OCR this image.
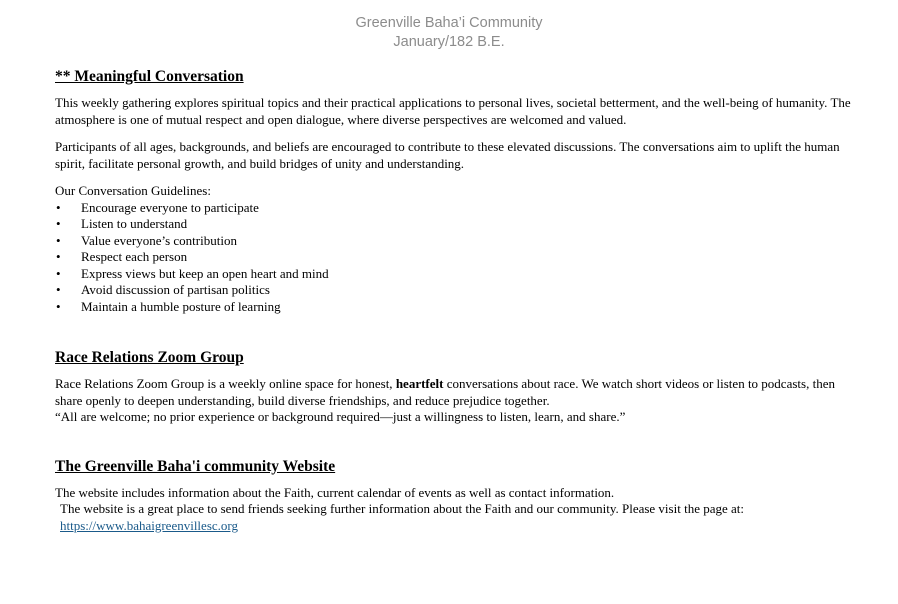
Greenville Baha’i Community
January/182 B.E.
** Meaningful Conversation

This weekly gathering explores spiritual topics and their practical applications to personal lives, societal betterment, and the well-being of humanity. The atmosphere is one of mutual respect and open dialogue, where diverse perspectives are welcomed and valued.

Participants of all ages, backgrounds, and beliefs are encouraged to contribute to these elevated discussions. The conversations aim to uplift the human spirit, facilitate personal growth, and build bridges of unity and understanding.

Our Conversation Guidelines:

• Encourage everyone to participate
• Listen to understand
• Value everyone’s contribution
• Respect each person
• Express views but keep an open heart and mind
• Avoid discussion of partisan politics
• Maintain a humble posture of learning
Race Relations Zoom Group

Race Relations Zoom Group is a weekly online space for honest, heartfelt conversations about race. We watch short videos or listen to podcasts, then share openly to deepen understanding, build diverse friendships, and reduce prejudice together.

“All are welcome; no prior experience or background required—just a willingness to listen, learn, and share.”

The Greenville Baha'i community Website

The website includes information about the Faith, current calendar of events as well as contact information.

The website is a great place to send friends seeking further information about the Faith and our community. Please visit the page at:

https://www.bahaigreenvillesc.org
